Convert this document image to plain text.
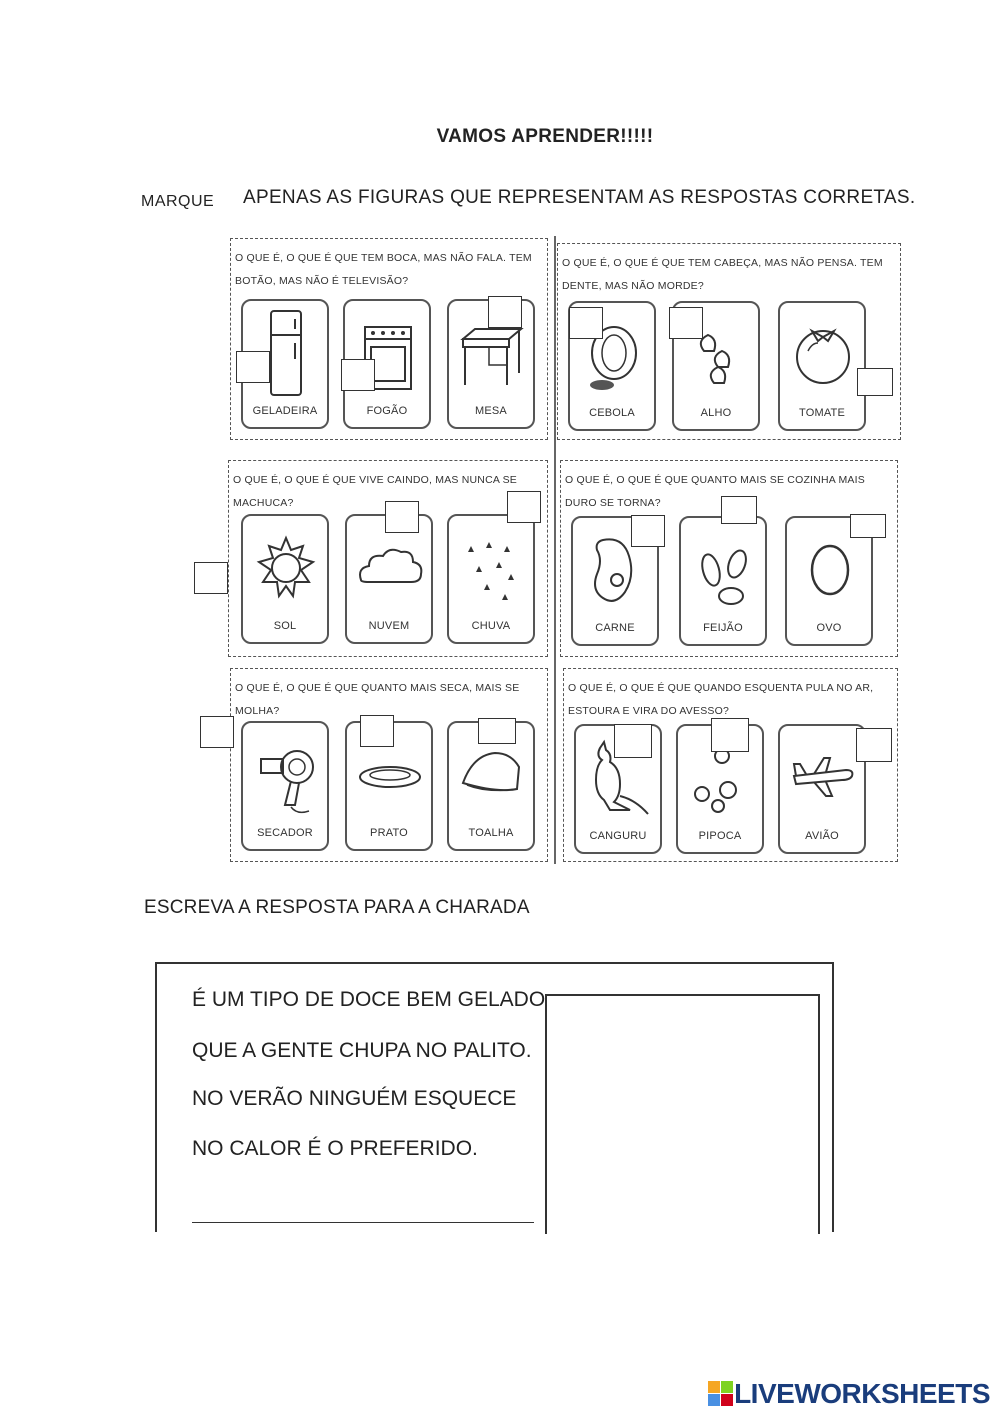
VAMOS APRENDER!!!!!
MARQUE APENAS AS FIGURAS QUE REPRESENTAM AS RESPOSTAS CORRETAS.
O QUE É, O QUE É QUE TEM BOCA, MAS NÃO FALA. TEM BOTÃO, MAS NÃO É TELEVISÃO?
GELADEIRA	FOGÃO	MESA
O QUE É, O QUE É QUE TEM CABEÇA, MAS NÃO PENSA. TEM DENTE, MAS NÃO MORDE?
CEBOLA	ALHO	TOMATE
O QUE É, O QUE É QUE VIVE CAINDO, MAS NUNCA SE MACHUCA?
SOL	NUVEM	CHUVA
O QUE É, O QUE É QUE QUANTO MAIS SE COZINHA MAIS DURO SE TORNA?
CARNE	FEIJÃO	OVO
O QUE É, O QUE É QUE QUANTO MAIS SECA, MAIS SE MOLHA?
SECADOR	PRATO	TOALHA
O QUE É, O QUE É QUE QUANDO ESQUENTA PULA NO AR, ESTOURA E VIRA DO AVESSO?
CANGURU	PIPOCA	AVIÃO
ESCREVA A RESPOSTA PARA A CHARADA
É UM TIPO DE DOCE BEM GELADO
QUE A GENTE CHUPA NO PALITO.
NO VERÃO NINGUÉM ESQUECE
NO CALOR É O PREFERIDO.
LIVEWORKSHEETS
